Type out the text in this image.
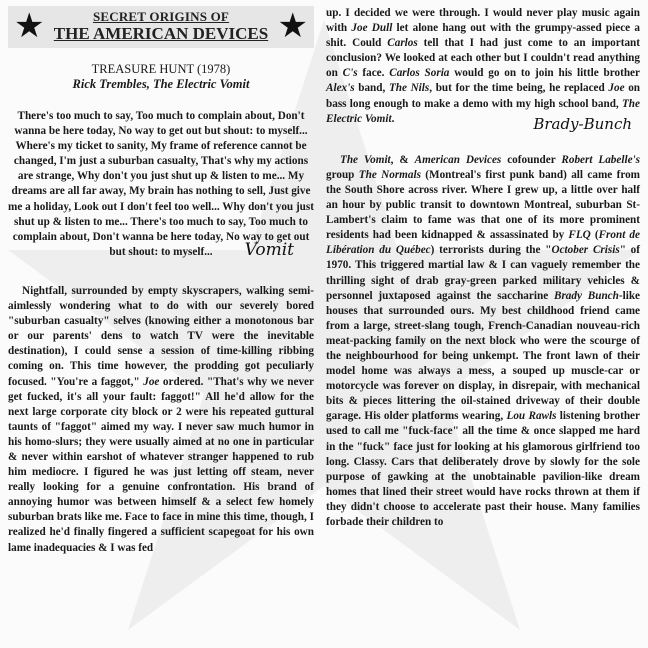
★	SECRET ORIGINS OF
THE AMERICAN DEVICES ★
TREASURE HUNT (1978)
Rick Trembles, The Electric Vomit
There's too much to say, Too much to complain about, Don't wanna be here today, No way to get out but shout: to myself... Where's my ticket to sanity, My frame of reference cannot be changed, I'm just a suburban casualty, That's why my actions are strange, Why don't you just shut up & listen to me... My dreams are all far away, My brain has nothing to sell, Just give me a holiday, Look out I don't feel too well... Why don't you just shut up & listen to me... There's too much to say, Too much to complain about, Don't wanna be here today, No way to get out but shout: to myself...	Vomit

Nightfall, surrounded by empty skyscrapers, walking semi-aimlessly wondering what to do with our severely bored "suburban casualty" selves (knowing either a monotonous bar or our parents' dens to watch TV were the inevitable destination), I could sense a session of time-killing ribbing coming on. This time however, the prodding got peculiarly focused. "You're a faggot," Joe ordered. "That's why we never get fucked, it's all your fault: faggot!" All he'd allow for the next large corporate city block or 2 were his repeated guttural taunts of "faggot" aimed my way. I never saw much humor in his homo-slurs; they were usually aimed at no one in particular & never within earshot of whatever stranger happened to rub him mediocre. I figured he was just letting off steam, never really looking for a genuine confrontation. His brand of annoying humor was between himself & a select few homely suburban brats like me. Face to face in mine this time, though, I realized he'd finally fingered a sufficient scapegoat for his own lame inadequacies & I was fed

up. I decided we were through. I would never play music again with Joe Dull let alone hang out with the grumpy-assed piece a shit. Could Carlos tell that I had just come to an important conclusion? We looked at each other but I couldn't read anything on C's face. Carlos Soria would go on to join his little brother Alex's band, The Nils, but for the time being, he replaced Joe on bass long enough to make a demo with my high school band, The Electric Vomit.	Brady-Bunch

The Vomit, & American Devices cofounder Robert Labelle's group The Normals (Montreal's first punk band) all came from the South Shore across river. Where I grew up, a little over half an hour by public transit to downtown Montreal, suburban St-Lambert's claim to fame was that one of its more prominent residents had been kidnapped & assassinated by FLQ (Front de Libération du Québec) terrorists during the "October Crisis" of 1970. This triggered martial law & I can vaguely remember the thrilling sight of drab gray-green parked military vehicles & personnel juxtaposed against the saccharine Brady Bunch-like houses that surrounded ours. My best childhood friend came from a large, street-slang tough, French-Canadian nouveau-rich meat-packing family on the next block who were the scourge of the neighbourhood for being unkempt. The front lawn of their model home was always a mess, a souped up muscle-car or motorcycle was forever on display, in disrepair, with mechanical bits & pieces littering the oil-stained driveway of their double garage. His older platforms wearing, Lou Rawls listening brother used to call me "fuck-face" all the time & once slapped me hard in the "fuck" face just for looking at his glamorous girlfriend too long. Classy. Cars that deliberately drove by slowly for the sole purpose of gawking at the unobtainable pavilion-like dream homes that lined their street would have rocks thrown at them if they didn't choose to accelerate past their house. Many families forbade their children to
